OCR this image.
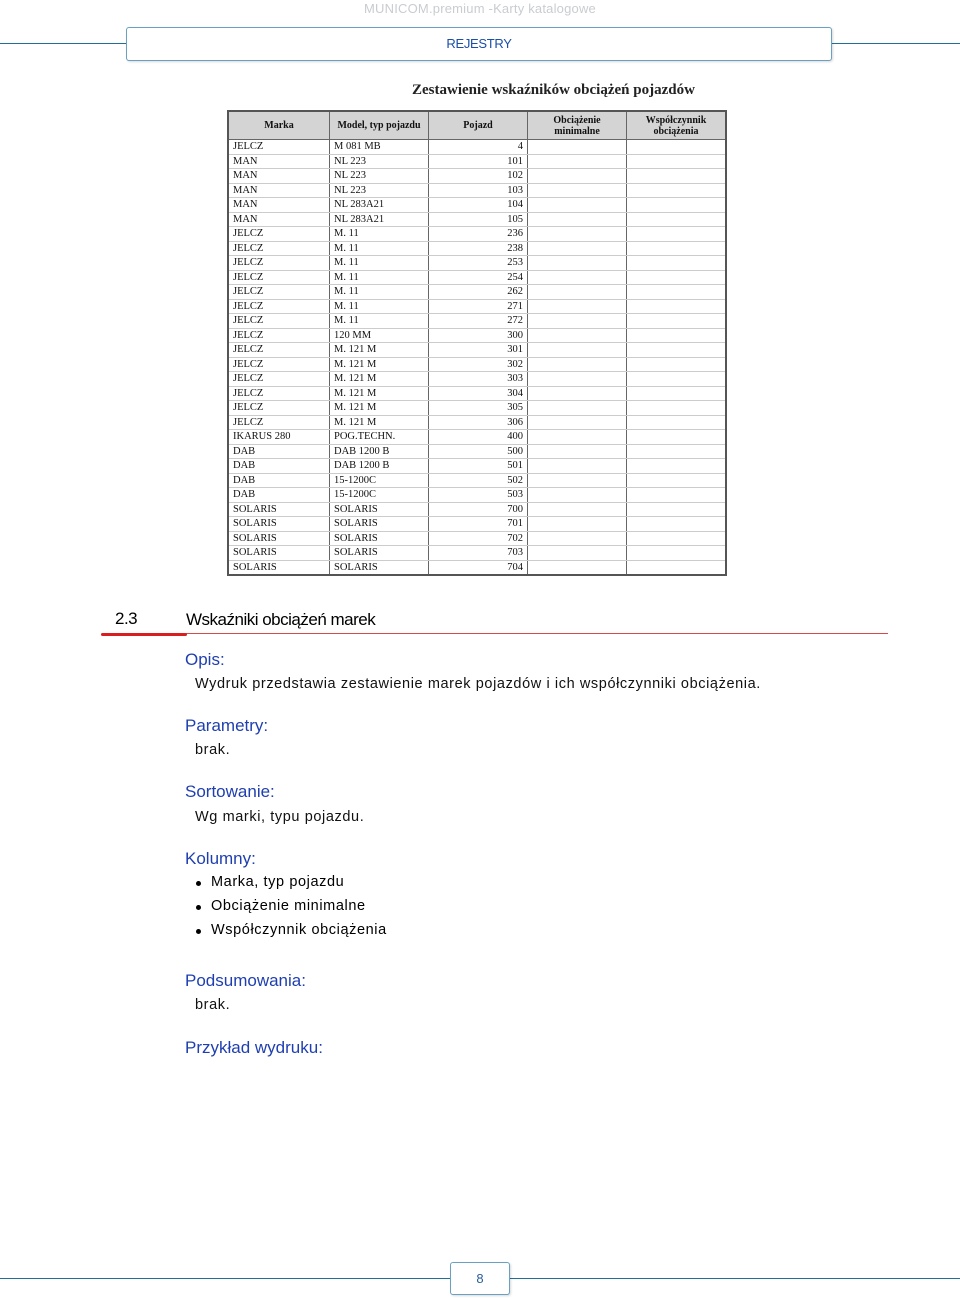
MUNICOM.premium -Karty katalogowe
REJESTRY
Zestawienie wskaźników obciążeń pojazdów
Marka	Model, typ pojazdu	Pojazd	Obciążenie minimalne	Współczynnik obciążenia
JELCZ	M 081 MB	4		
MAN	NL 223	101		
MAN	NL 223	102		
MAN	NL 223	103		
MAN	NL 283A21	104		
MAN	NL 283A21	105		
JELCZ	M. 11	236		
JELCZ	M. 11	238		
JELCZ	M. 11	253		
JELCZ	M. 11	254		
JELCZ	M. 11	262		
JELCZ	M. 11	271		
JELCZ	M. 11	272		
JELCZ	120 MM	300		
JELCZ	M. 121 M	301		
JELCZ	M. 121 M	302		
JELCZ	M. 121 M	303		
JELCZ	M. 121 M	304		
JELCZ	M. 121 M	305		
JELCZ	M. 121 M	306		
IKARUS 280	POG.TECHN.	400		
DAB	DAB 1200 B	500		
DAB	DAB 1200 B	501		
DAB	15-1200C	502		
DAB	15-1200C	503		
SOLARIS	SOLARIS	700		
SOLARIS	SOLARIS	701		
SOLARIS	SOLARIS	702		
SOLARIS	SOLARIS	703		
SOLARIS	SOLARIS	704		
2.3	Wskaźniki obciążeń marek
Opis:
Wydruk przedstawia zestawienie marek pojazdów i ich współczynniki obciążenia.
Parametry:
brak.
Sortowanie:
Wg marki, typu pojazdu.
Kolumny:
Marka, typ pojazdu
Obciążenie minimalne
Współczynnik obciążenia
Podsumowania:
brak.
Przykład wydruku:
8
